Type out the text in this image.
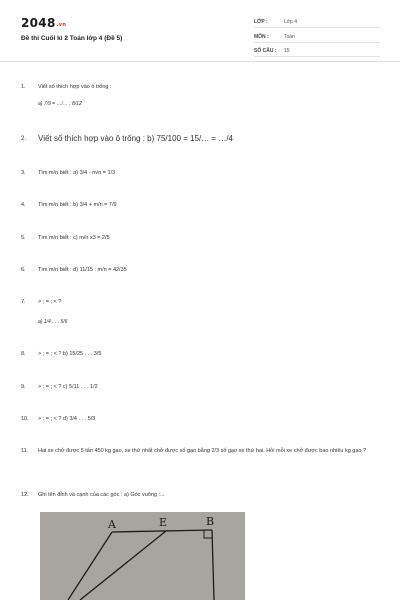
2048.vn
Đề thi Cuối kì 2 Toán lớp 4 (Đề 5)
LỚP :	Lớp 4
MÔN :	Toán
SỐ CÂU : 15
1. Viết số thích hợp vào ô trống :
a) 7/9 = …/… ; 8/12
2. Viết số thích hợp vào ô trống : b) 75/100 = 15/… = …/4
3. Tìm m/n biết : a) 3/4 - m/n = 1/3
4. Tìm m/n biết : b) 3/4 + m/n = 7/9
5. Tìm m/n biết : c) m/n x3 = 2/5
6. Tìm m/n biết : d) 11/15 : m/n = 42/35
7. > ; = ; < ?
a) 1/4 . . . 5/6
8. > ; = ; < ? b) 15/25 . . . 3/5
9. > ; = ; < ? c) 5/11 . . . 1/2
10. > ; = ; < ? d) 3/4 . . . 5/3
11. Hai xe chở được 5 tấn 450 kg gạo, xe thứ nhất chở được số gạo bằng 2/3 số gạo xe thứ hai. Hỏi mỗi xe chở được bao nhiêu kg gạo ?
12. Ghi tên đỉnh và cạnh của các góc : a) Góc vuông :...
A	E	B
